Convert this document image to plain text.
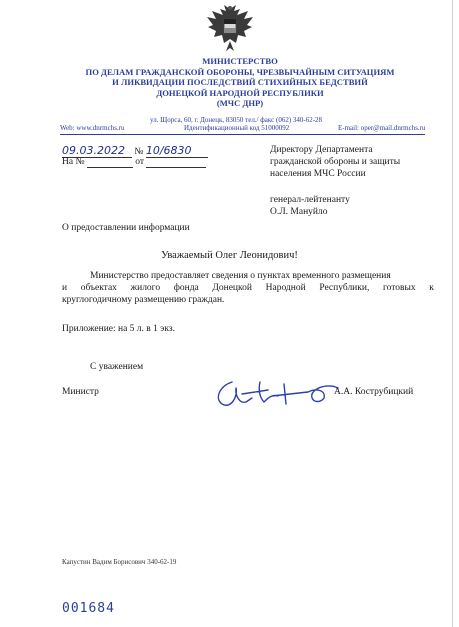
МИНИСТЕРСТВО
ПО ДЕЛАМ ГРАЖДАНСКОЙ ОБОРОНЫ, ЧРЕЗВЫЧАЙНЫМ СИТУАЦИЯМ
И ЛИКВИДАЦИИ ПОСЛЕДСТВИЙ СТИХИЙНЫХ БЕДСТВИЙ
ДОНЕЦКОЙ НАРОДНОЙ РЕСПУБЛИКИ
(МЧС ДНР)
ул. Щорса, 60, г. Донецк, 83050 тел./ факс (062) 340-62-28
Web: www.dnrmchs.ru	Идентификационный код 51000092	E-mail: oper@mail.dnrmchs.ru
09.03.2022 № 10/6830
На №	от
Директору Департамента
гражданской обороны и защиты
населения МЧС России
генерал-лейтенанту
О.Л. Мануйло
О предоставлении информации
Уважаемый Олег Леонидович!
Министерство предоставляет сведения о пунктах временного размещения
и объектах жилого фонда Донецкой Народной Республики, готовых к
круглогодичному размещению граждан.
Приложение: на 5 л. в 1 экз.
С уважением
Министр	А.А. Кострубицкий
Капустин Вадим Борисович 340-62-19
001684
